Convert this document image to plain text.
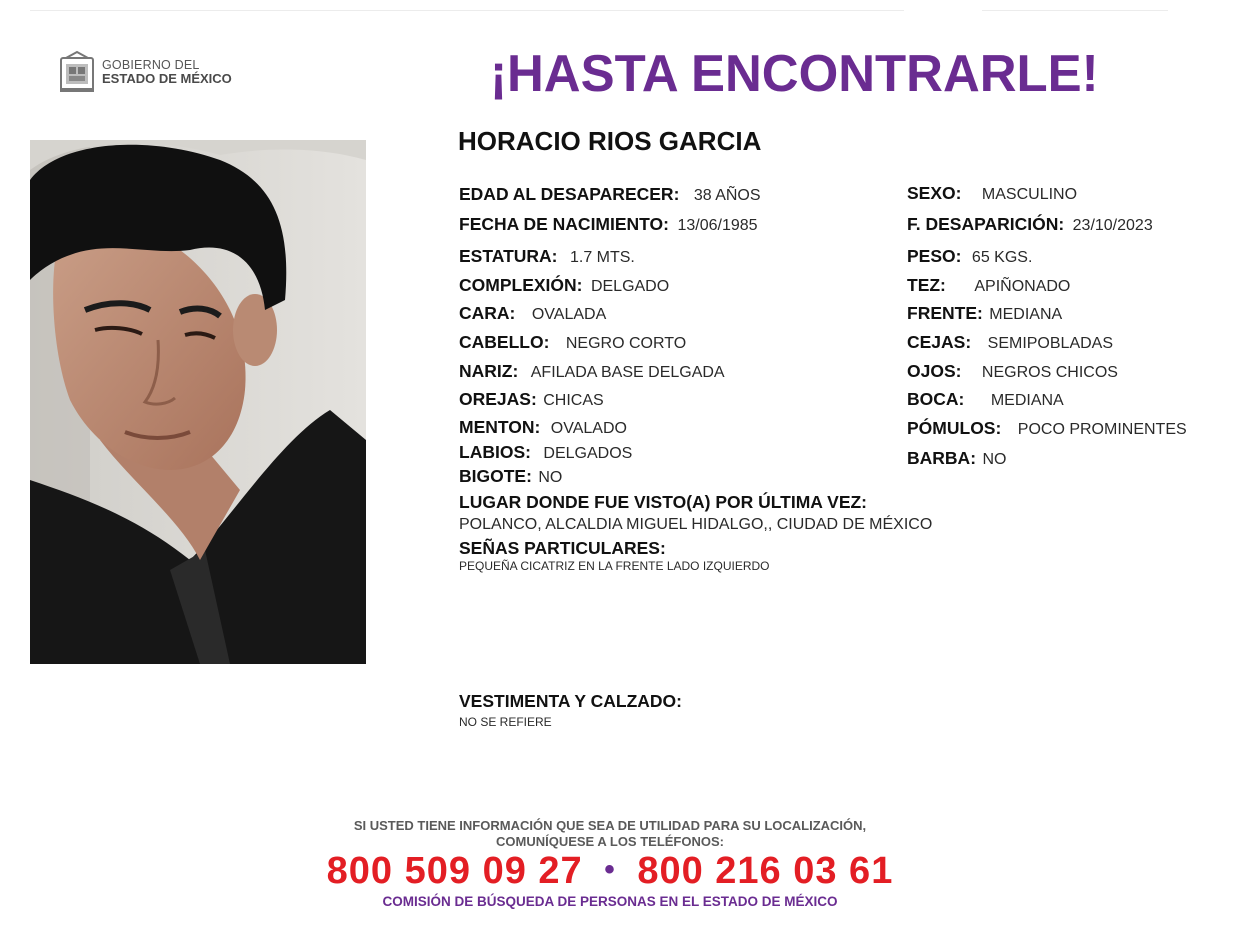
GOBIERNO DEL
ESTADO DE MÉXICO	¡HASTA ENCONTRARLE!
HORACIO RIOS GARCIA
EDAD AL DESAPARECER: 38 AÑOS
FECHA DE NACIMIENTO: 13/06/1985
ESTATURA: 1.7 MTS.
COMPLEXIÓN: DELGADO
CARA: OVALADA
CABELLO: NEGRO CORTO
NARIZ: AFILADA BASE DELGADA
OREJAS: CHICAS
MENTON: OVALADO
LABIOS: DELGADOS
BIGOTE: NO
SEXO: MASCULINO
F. DESAPARICIÓN: 23/10/2023
PESO: 65 KGS.
TEZ: APIÑONADO
FRENTE: MEDIANA
CEJAS: SEMIPOBLADAS
OJOS: NEGROS CHICOS
BOCA: MEDIANA
PÓMULOS: POCO PROMINENTES
BARBA: NO
LUGAR DONDE FUE VISTO(A) POR ÚLTIMA VEZ:
POLANCO, ALCALDIA MIGUEL HIDALGO,, CIUDAD DE MÉXICO
SEÑAS PARTICULARES:
PEQUEÑA CICATRIZ EN LA FRENTE LADO IZQUIERDO
VESTIMENTA Y CALZADO:
NO SE REFIERE
SI USTED TIENE INFORMACIÓN QUE SEA DE UTILIDAD PARA SU LOCALIZACIÓN,
COMUNÍQUESE A LOS TELÉFONOS:
800 509 09 27 • 800 216 03 61
COMISIÓN DE BÚSQUEDA DE PERSONAS EN EL ESTADO DE MÉXICO
